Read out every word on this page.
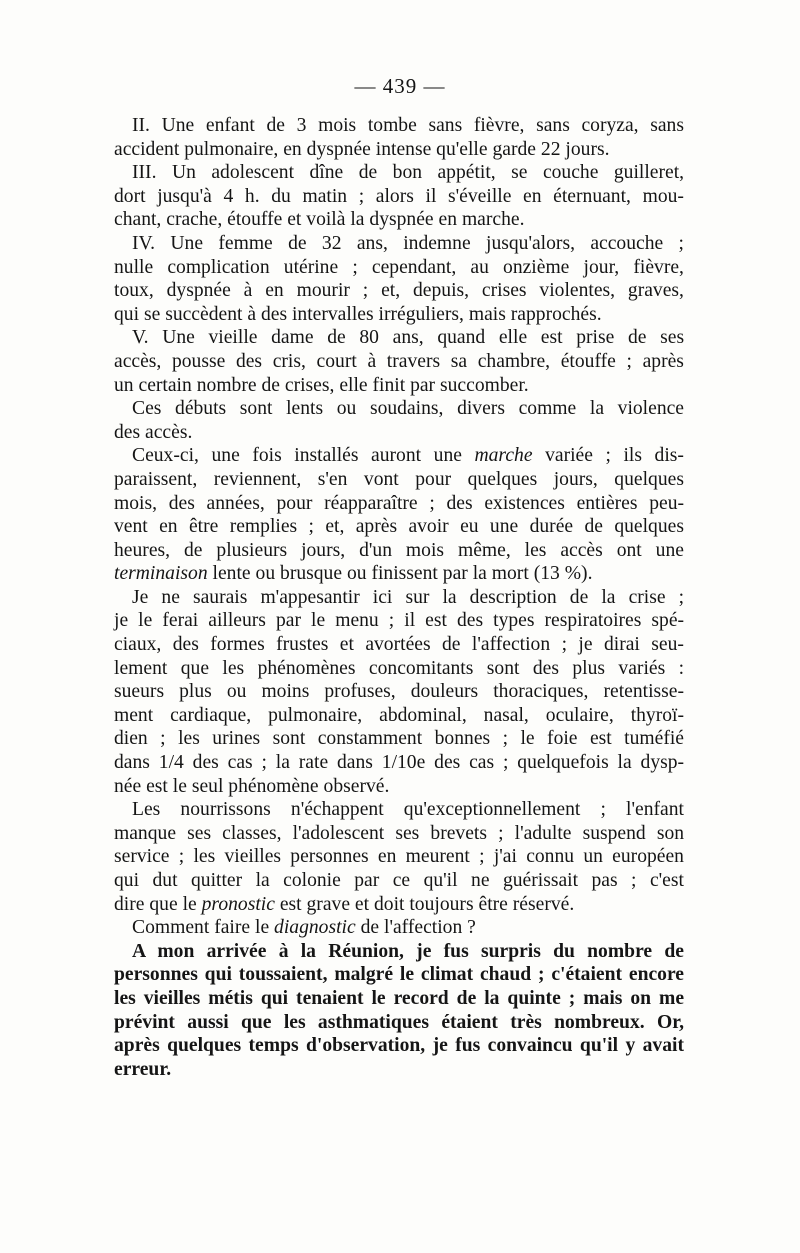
— 439 —
II. Une enfant de 3 mois tombe sans fièvre, sans coryza, sans
accident pulmonaire, en dyspnée intense qu'elle garde 22 jours.
III. Un adolescent dîne de bon appétit, se couche guilleret,
dort jusqu'à 4 h. du matin ; alors il s'éveille en éternuant, mou-
chant, crache, étouffe et voilà la dyspnée en marche.
IV. Une femme de 32 ans, indemne jusqu'alors, accouche ;
nulle complication utérine ; cependant, au onzième jour, fièvre,
toux, dyspnée à en mourir ; et, depuis, crises violentes, graves,
qui se succèdent à des intervalles irréguliers, mais rapprochés.
V. Une vieille dame de 80 ans, quand elle est prise de ses
accès, pousse des cris, court à travers sa chambre, étouffe ; après
un certain nombre de crises, elle finit par succomber.
Ces débuts sont lents ou soudains, divers comme la violence
des accès.
Ceux-ci, une fois installés auront une marche variée ; ils dis-
paraissent, reviennent, s'en vont pour quelques jours, quelques
mois, des années, pour réapparaître ; des existences entières peu-
vent en être remplies ; et, après avoir eu une durée de quelques
heures, de plusieurs jours, d'un mois même, les accès ont une
terminaison lente ou brusque ou finissent par la mort (13 %).
Je ne saurais m'appesantir ici sur la description de la crise ;
je le ferai ailleurs par le menu ; il est des types respiratoires spé-
ciaux, des formes frustes et avortées de l'affection ; je dirai seu-
lement que les phénomènes concomitants sont des plus variés :
sueurs plus ou moins profuses, douleurs thoraciques, retentisse-
ment cardiaque, pulmonaire, abdominal, nasal, oculaire, thyroï-
dien ; les urines sont constamment bonnes ; le foie est tuméfié
dans 1/4 des cas ; la rate dans 1/10e des cas ; quelquefois la dysp-
née est le seul phénomène observé.
Les nourrissons n'échappent qu'exceptionnellement ; l'enfant
manque ses classes, l'adolescent ses brevets ; l'adulte suspend son
service ; les vieilles personnes en meurent ; j'ai connu un européen
qui dut quitter la colonie par ce qu'il ne guérissait pas ; c'est
dire que le pronostic est grave et doit toujours être réservé.
Comment faire le diagnostic de l'affection ?
A mon arrivée à la Réunion, je fus surpris du nombre de
personnes qui toussaient, malgré le climat chaud ; c'étaient encore
les vieilles métis qui tenaient le record de la quinte ; mais on me
prévint aussi que les asthmatiques étaient très nombreux. Or,
après quelques temps d'observation, je fus convaincu qu'il y avait
erreur.
